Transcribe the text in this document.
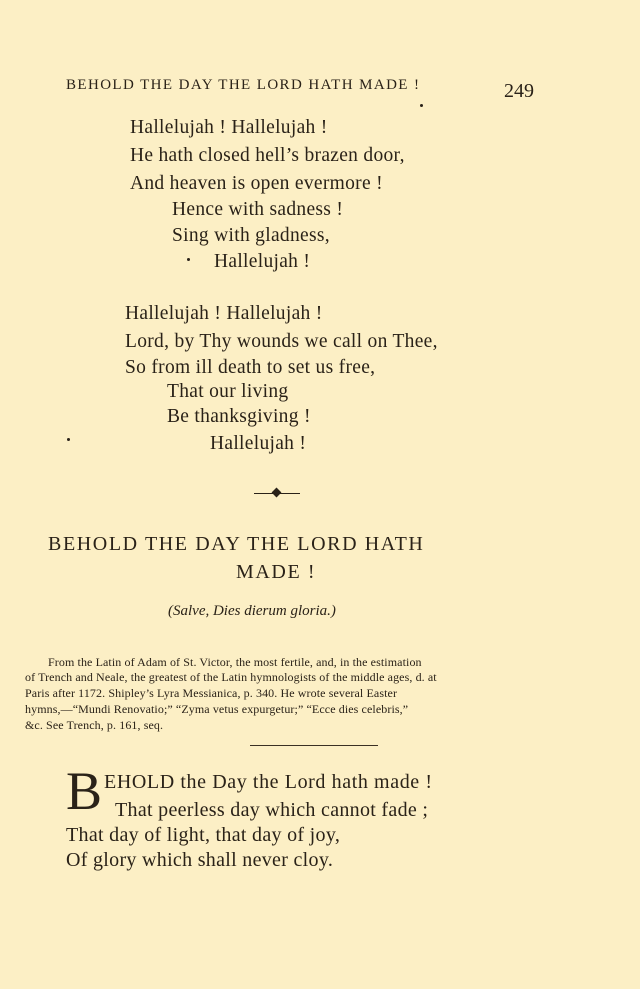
BEHOLD THE DAY THE LORD HATH MADE !	249
Hallelujah ! Hallelujah !
He hath closed hell’s brazen door,
And heaven is open evermore !
Hence with sadness !
Sing with gladness,
Hallelujah !
Hallelujah ! Hallelujah !
Lord, by Thy wounds we call on Thee,
So from ill death to set us free,
That our living
Be thanksgiving !
Hallelujah !
BEHOLD THE DAY THE LORD HATH
MADE !
(Salve, Dies dierum gloria.)
From the Latin of Adam of St. Victor, the most fertile, and, in the estimation
of Trench and Neale, the greatest of the Latin hymnologists of the middle ages, d. at
Paris after 1172. Shipley’s Lyra Messianica, p. 340. He wrote several Easter
hymns,—“Mundi Renovatio;” “Zyma vetus expurgetur;” “Ecce dies celebris,”
&c. See Trench, p. 161, seq.
B EHOLD the Day the Lord hath made !
That peerless day which cannot fade ;
That day of light, that day of joy,
Of glory which shall never cloy.
